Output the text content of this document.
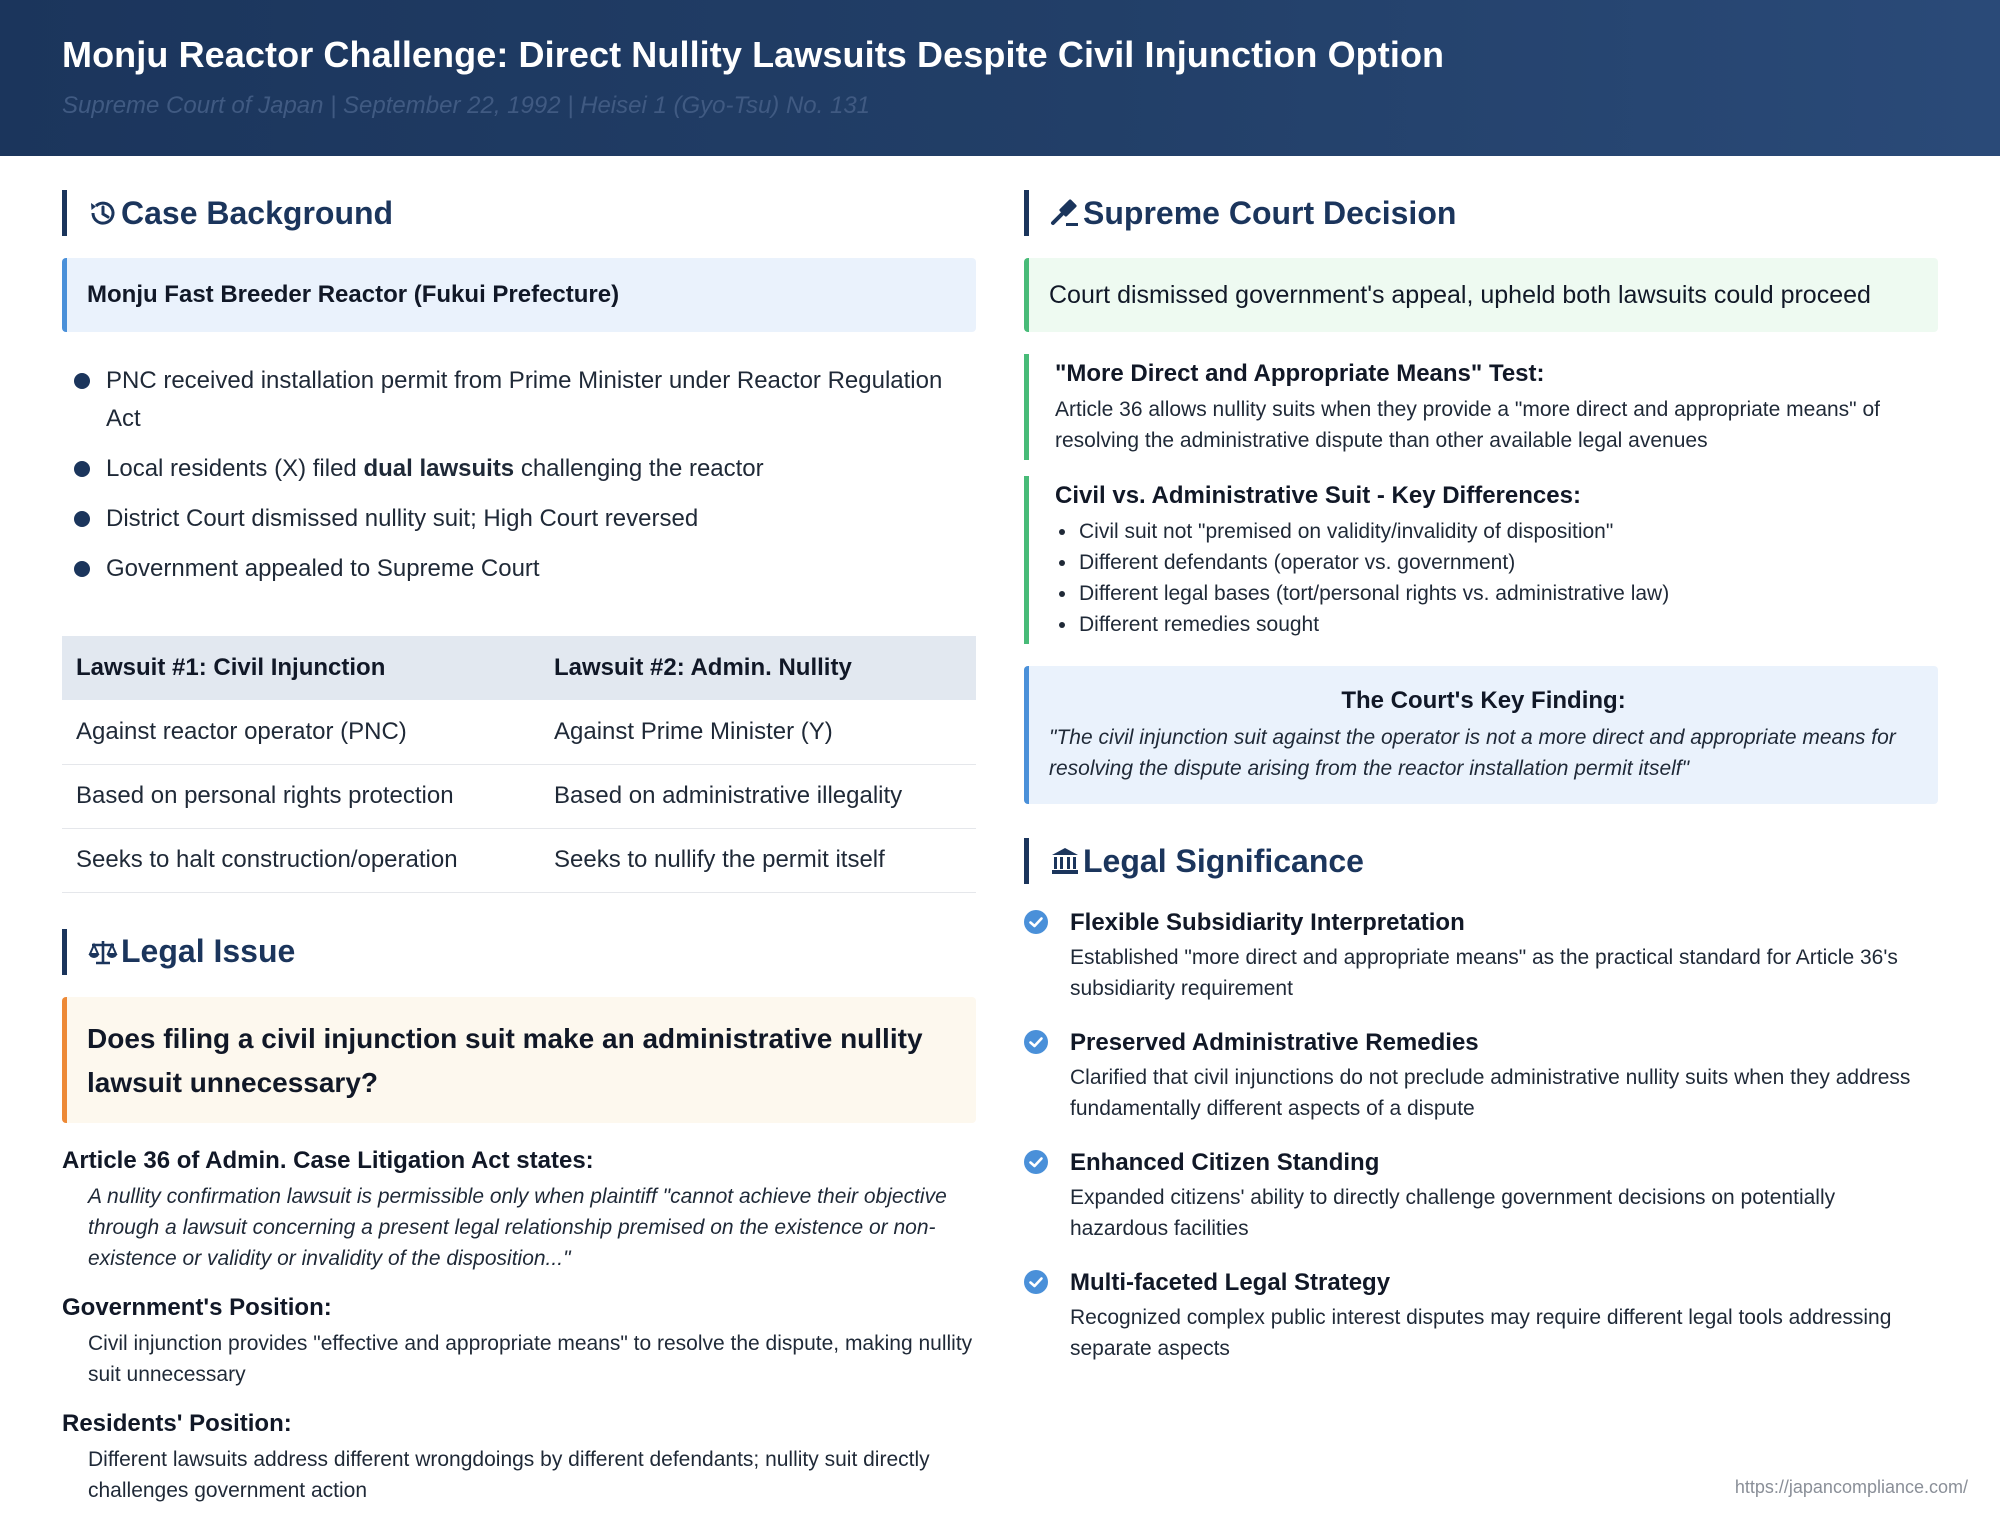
Monju Reactor Challenge: Direct Nullity Lawsuits Despite Civil Injunction Option
Supreme Court of Japan | September 22, 1992 | Heisei 1 (Gyo-Tsu) No. 131
Case Background
Monju Fast Breeder Reactor (Fukui Prefecture)
PNC received installation permit from Prime Minister under Reactor Regulation Act
Local residents (X) filed dual lawsuits challenging the reactor
District Court dismissed nullity suit; High Court reversed
Government appealed to Supreme Court
Lawsuit #1: Civil Injunction	Lawsuit #2: Admin. Nullity
Against reactor operator (PNC)	Against Prime Minister (Y)
Based on personal rights protection	Based on administrative illegality
Seeks to halt construction/operation	Seeks to nullify the permit itself
Legal Issue
Does filing a civil injunction suit make an administrative nullity lawsuit unnecessary?
Article 36 of Admin. Case Litigation Act states:
A nullity confirmation lawsuit is permissible only when plaintiff "cannot achieve their objective through a lawsuit concerning a present legal relationship premised on the existence or non-existence or validity or invalidity of the disposition..."
Government's Position:
Civil injunction provides "effective and appropriate means" to resolve the dispute, making nullity suit unnecessary
Residents' Position:
Different lawsuits address different wrongdoings by different defendants; nullity suit directly challenges government action
Supreme Court Decision
Court dismissed government's appeal, upheld both lawsuits could proceed
"More Direct and Appropriate Means" Test:
Article 36 allows nullity suits when they provide a "more direct and appropriate means" of resolving the administrative dispute than other available legal avenues
Civil vs. Administrative Suit - Key Differences:
Civil suit not "premised on validity/invalidity of disposition"
Different defendants (operator vs. government)
Different legal bases (tort/personal rights vs. administrative law)
Different remedies sought
The Court's Key Finding:
"The civil injunction suit against the operator is not a more direct and appropriate means for resolving the dispute arising from the reactor installation permit itself"
Legal Significance
Flexible Subsidiarity Interpretation
Established "more direct and appropriate means" as the practical standard for Article 36's subsidiarity requirement
Preserved Administrative Remedies
Clarified that civil injunctions do not preclude administrative nullity suits when they address fundamentally different aspects of a dispute
Enhanced Citizen Standing
Expanded citizens' ability to directly challenge government decisions on potentially hazardous facilities
Multi-faceted Legal Strategy
Recognized complex public interest disputes may require different legal tools addressing separate aspects
https://japancompliance.com/
